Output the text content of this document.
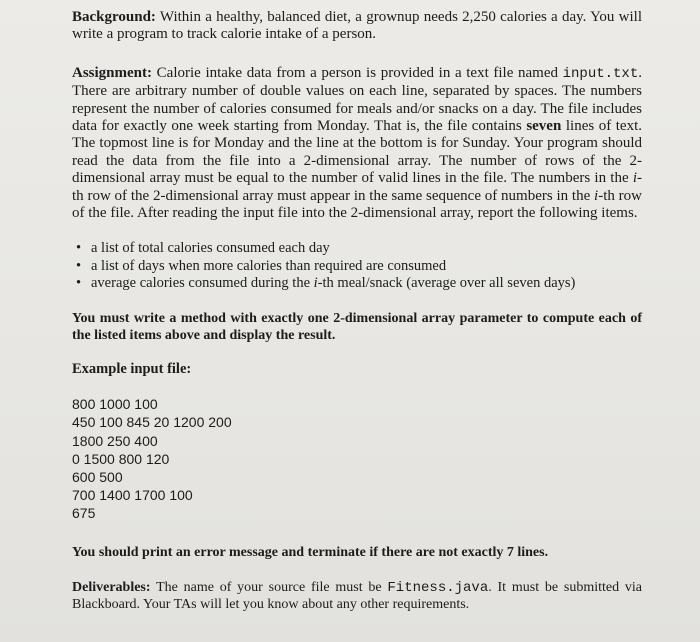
Background: Within a healthy, balanced diet, a grownup needs 2,250 calories a day. You will write a program to track calorie intake of a person.

Assignment: Calorie intake data from a person is provided in a text file named input.txt. There are arbitrary number of double values on each line, separated by spaces. The numbers represent the number of calories consumed for meals and/or snacks on a day. The file includes data for exactly one week starting from Monday. That is, the file contains seven lines of text. The topmost line is for Monday and the line at the bottom is for Sunday. Your program should read the data from the file into a 2-dimensional array. The number of rows of the 2-dimensional array must be equal to the number of valid lines in the file. The numbers in the i-th row of the 2-dimensional array must appear in the same sequence of numbers in the i-th row of the file. After reading the input file into the 2-dimensional array, report the following items.

• a list of total calories consumed each day
• a list of days when more calories than required are consumed
• average calories consumed during the i-th meal/snack (average over all seven days)

You must write a method with exactly one 2-dimensional array parameter to compute each of the listed items above and display the result.

Example input file:

800 1000 100
450 100 845 20 1200 200
1800 250 400
0 1500 800 120
600 500
700 1400 1700 100
675

You should print an error message and terminate if there are not exactly 7 lines.

Deliverables: The name of your source file must be Fitness.java. It must be submitted via Blackboard. Your TAs will let you know about any other requirements.
